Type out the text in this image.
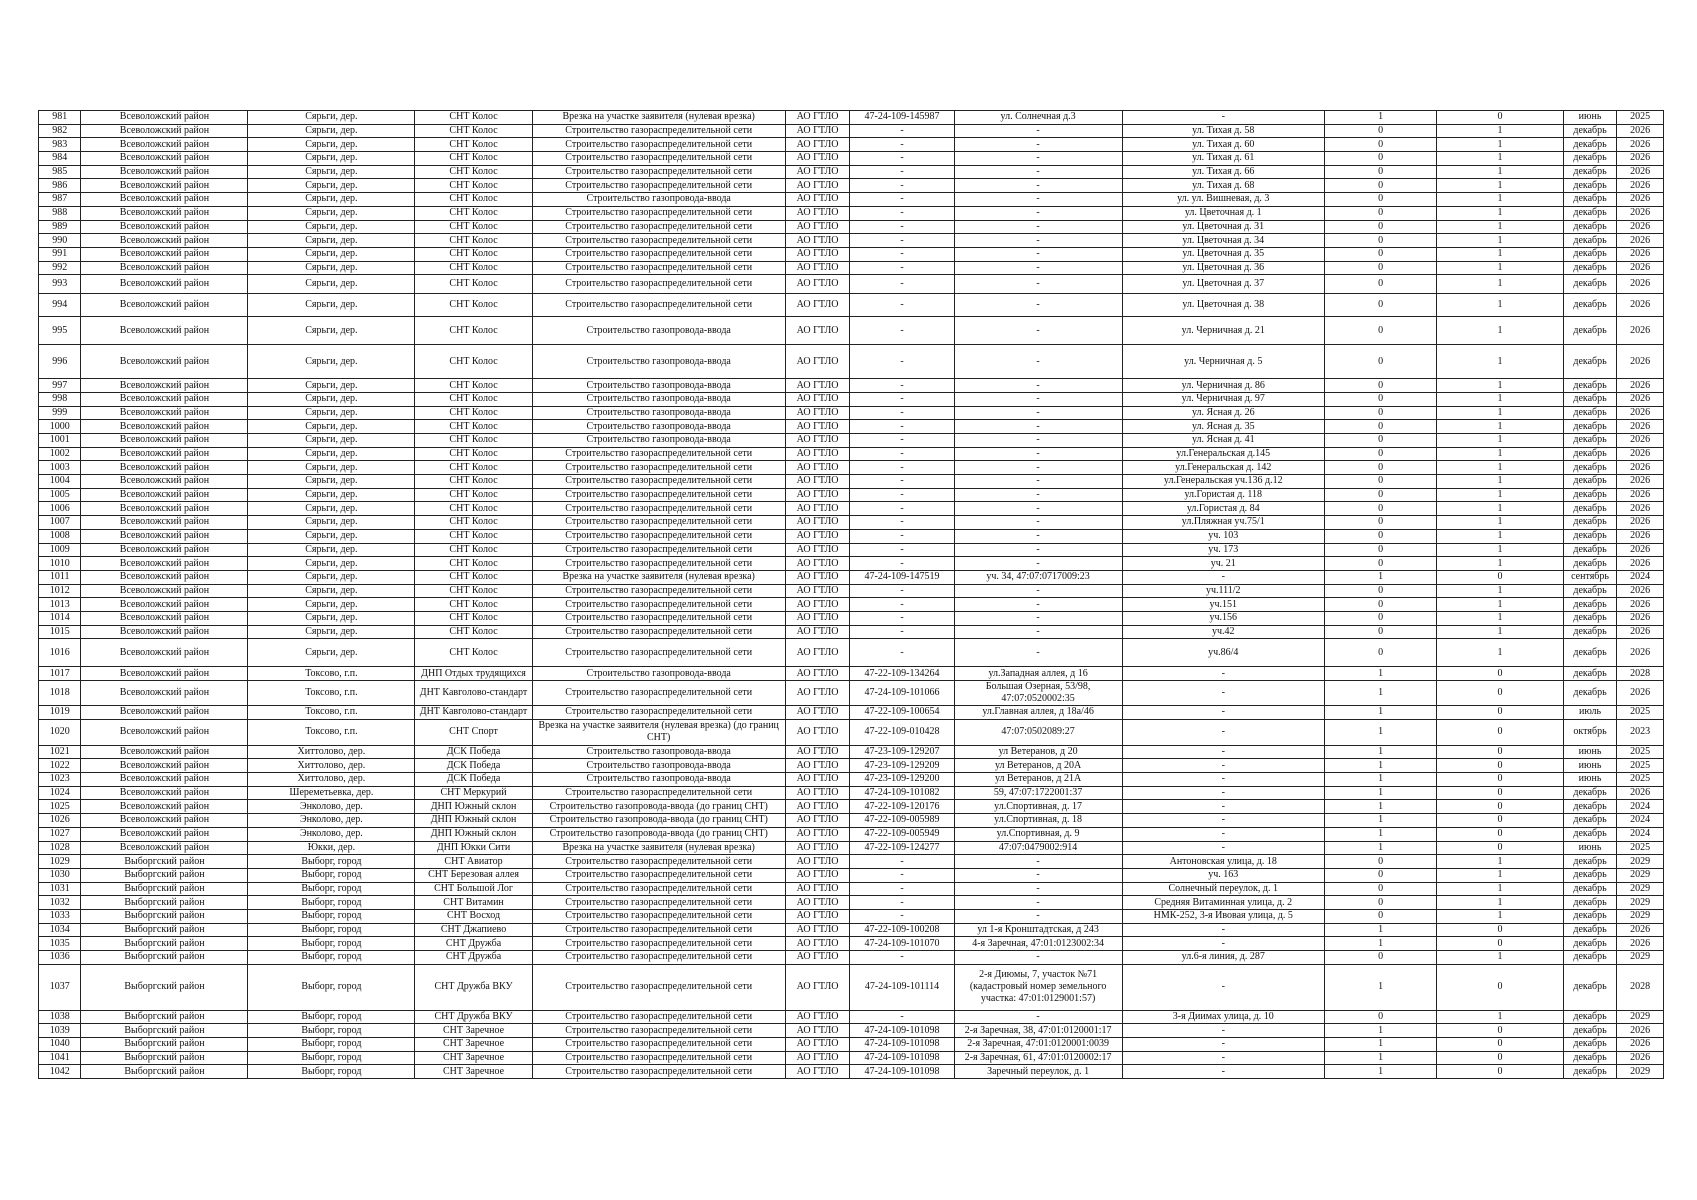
981	Всеволожский район	Сярьги, дер.	СНТ Колос	Врезка на участке заявителя (нулевая врезка)	АО ГТЛО	47-24-109-145987	ул. Солнечная д.3	-	1	0	июнь	2025
982	Всеволожский район	Сярьги, дер.	СНТ Колос	Строительство газораспределительной сети	АО ГТЛО	-	-	ул. Тихая д. 58	0	1	декабрь	2026
983	Всеволожский район	Сярьги, дер.	СНТ Колос	Строительство газораспределительной сети	АО ГТЛО	-	-	ул. Тихая д. 60	0	1	декабрь	2026
984	Всеволожский район	Сярьги, дер.	СНТ Колос	Строительство газораспределительной сети	АО ГТЛО	-	-	ул. Тихая д. 61	0	1	декабрь	2026
985	Всеволожский район	Сярьги, дер.	СНТ Колос	Строительство газораспределительной сети	АО ГТЛО	-	-	ул. Тихая д. 66	0	1	декабрь	2026
986	Всеволожский район	Сярьги, дер.	СНТ Колос	Строительство газораспределительной сети	АО ГТЛО	-	-	ул. Тихая д. 68	0	1	декабрь	2026
987	Всеволожский район	Сярьги, дер.	СНТ Колос	Строительство газопровода-ввода	АО ГТЛО	-	-	ул. ул. Вишневая, д. 3	0	1	декабрь	2026
988	Всеволожский район	Сярьги, дер.	СНТ Колос	Строительство газораспределительной сети	АО ГТЛО	-	-	ул. Цветочная д. 1	0	1	декабрь	2026
989	Всеволожский район	Сярьги, дер.	СНТ Колос	Строительство газораспределительной сети	АО ГТЛО	-	-	ул. Цветочная д. 31	0	1	декабрь	2026
990	Всеволожский район	Сярьги, дер.	СНТ Колос	Строительство газораспределительной сети	АО ГТЛО	-	-	ул. Цветочная д. 34	0	1	декабрь	2026
991	Всеволожский район	Сярьги, дер.	СНТ Колос	Строительство газораспределительной сети	АО ГТЛО	-	-	ул. Цветочная д. 35	0	1	декабрь	2026
992	Всеволожский район	Сярьги, дер.	СНТ Колос	Строительство газораспределительной сети	АО ГТЛО	-	-	ул. Цветочная д. 36	0	1	декабрь	2026
993	Всеволожский район	Сярьги, дер.	СНТ Колос	Строительство газораспределительной сети	АО ГТЛО	-	-	ул. Цветочная д. 37	0	1	декабрь	2026
994	Всеволожский район	Сярьги, дер.	СНТ Колос	Строительство газораспределительной сети	АО ГТЛО	-	-	ул. Цветочная д. 38	0	1	декабрь	2026
995	Всеволожский район	Сярьги, дер.	СНТ Колос	Строительство газопровода-ввода	АО ГТЛО	-	-	ул. Черничная д. 21	0	1	декабрь	2026
996	Всеволожский район	Сярьги, дер.	СНТ Колос	Строительство газопровода-ввода	АО ГТЛО	-	-	ул. Черничная д. 5	0	1	декабрь	2026
997	Всеволожский район	Сярьги, дер.	СНТ Колос	Строительство газопровода-ввода	АО ГТЛО	-	-	ул. Черничная д. 86	0	1	декабрь	2026
998	Всеволожский район	Сярьги, дер.	СНТ Колос	Строительство газопровода-ввода	АО ГТЛО	-	-	ул. Черничная д. 97	0	1	декабрь	2026
999	Всеволожский район	Сярьги, дер.	СНТ Колос	Строительство газопровода-ввода	АО ГТЛО	-	-	ул. Ясная д. 26	0	1	декабрь	2026
1000	Всеволожский район	Сярьги, дер.	СНТ Колос	Строительство газопровода-ввода	АО ГТЛО	-	-	ул. Ясная д. 35	0	1	декабрь	2026
1001	Всеволожский район	Сярьги, дер.	СНТ Колос	Строительство газопровода-ввода	АО ГТЛО	-	-	ул. Ясная д. 41	0	1	декабрь	2026
1002	Всеволожский район	Сярьги, дер.	СНТ Колос	Строительство газораспределительной сети	АО ГТЛО	-	-	ул.Генеральская д.145	0	1	декабрь	2026
1003	Всеволожский район	Сярьги, дер.	СНТ Колос	Строительство газораспределительной сети	АО ГТЛО	-	-	ул.Генеральская д. 142	0	1	декабрь	2026
1004	Всеволожский район	Сярьги, дер.	СНТ Колос	Строительство газораспределительной сети	АО ГТЛО	-	-	ул.Генеральская уч.136 д.12	0	1	декабрь	2026
1005	Всеволожский район	Сярьги, дер.	СНТ Колос	Строительство газораспределительной сети	АО ГТЛО	-	-	ул.Гористая д. 118	0	1	декабрь	2026
1006	Всеволожский район	Сярьги, дер.	СНТ Колос	Строительство газораспределительной сети	АО ГТЛО	-	-	ул.Гористая д. 84	0	1	декабрь	2026
1007	Всеволожский район	Сярьги, дер.	СНТ Колос	Строительство газораспределительной сети	АО ГТЛО	-	-	ул.Пляжная уч.75/1	0	1	декабрь	2026
1008	Всеволожский район	Сярьги, дер.	СНТ Колос	Строительство газораспределительной сети	АО ГТЛО	-	-	уч. 103	0	1	декабрь	2026
1009	Всеволожский район	Сярьги, дер.	СНТ Колос	Строительство газораспределительной сети	АО ГТЛО	-	-	уч. 173	0	1	декабрь	2026
1010	Всеволожский район	Сярьги, дер.	СНТ Колос	Строительство газораспределительной сети	АО ГТЛО	-	-	уч. 21	0	1	декабрь	2026
1011	Всеволожский район	Сярьги, дер.	СНТ Колос	Врезка на участке заявителя (нулевая врезка)	АО ГТЛО	47-24-109-147519	уч. 34, 47:07:0717009:23	-	1	0	сентябрь	2024
1012	Всеволожский район	Сярьги, дер.	СНТ Колос	Строительство газораспределительной сети	АО ГТЛО	-	-	уч.111/2	0	1	декабрь	2026
1013	Всеволожский район	Сярьги, дер.	СНТ Колос	Строительство газораспределительной сети	АО ГТЛО	-	-	уч.151	0	1	декабрь	2026
1014	Всеволожский район	Сярьги, дер.	СНТ Колос	Строительство газораспределительной сети	АО ГТЛО	-	-	уч.156	0	1	декабрь	2026
1015	Всеволожский район	Сярьги, дер.	СНТ Колос	Строительство газораспределительной сети	АО ГТЛО	-	-	уч.42	0	1	декабрь	2026
1016	Всеволожский район	Сярьги, дер.	СНТ Колос	Строительство газораспределительной сети	АО ГТЛО	-	-	уч.86/4	0	1	декабрь	2026
1017	Всеволожский район	Токсово, г.п.	ДНП Отдых трудящихся	Строительство газопровода-ввода	АО ГТЛО	47-22-109-134264	ул.Западная аллея, д 16	-	1	0	декабрь	2028
1018	Всеволожский район	Токсово, г.п.	ДНТ Кавголово-стандарт	Строительство газораспределительной сети	АО ГТЛО	47-24-109-101066	Большая Озерная, 53/98, 47:07:0520002:35	-	1	0	декабрь	2026
1019	Всеволожский район	Токсово, г.п.	ДНТ Кавголово-стандарт	Строительство газораспределительной сети	АО ГТЛО	47-22-109-100654	ул.Главная аллея, д 18а/46	-	1	0	июль	2025
1020	Всеволожский район	Токсово, г.п.	СНТ Спорт	Врезка на участке заявителя (нулевая врезка) (до границ СНТ)	АО ГТЛО	47-22-109-010428	47:07:0502089:27	-	1	0	октябрь	2023
1021	Всеволожский район	Хиттолово, дер.	ДСК Победа	Строительство газопровода-ввода	АО ГТЛО	47-23-109-129207	ул Ветеранов, д 20	-	1	0	июнь	2025
1022	Всеволожский район	Хиттолово, дер.	ДСК Победа	Строительство газопровода-ввода	АО ГТЛО	47-23-109-129209	ул Ветеранов, д 20А	-	1	0	июнь	2025
1023	Всеволожский район	Хиттолово, дер.	ДСК Победа	Строительство газопровода-ввода	АО ГТЛО	47-23-109-129200	ул Ветеранов, д 21А	-	1	0	июнь	2025
1024	Всеволожский район	Шереметьевка, дер.	СНТ Меркурий	Строительство газораспределительной сети	АО ГТЛО	47-24-109-101082	59, 47:07:1722001:37	-	1	0	декабрь	2026
1025	Всеволожский район	Энколово, дер.	ДНП Южный склон	Строительство газопровода-ввода (до границ СНТ)	АО ГТЛО	47-22-109-120176	ул.Спортивная, д. 17	-	1	0	декабрь	2024
1026	Всеволожский район	Энколово, дер.	ДНП Южный склон	Строительство газопровода-ввода (до границ СНТ)	АО ГТЛО	47-22-109-005989	ул.Спортивная, д. 18	-	1	0	декабрь	2024
1027	Всеволожский район	Энколово, дер.	ДНП Южный склон	Строительство газопровода-ввода (до границ СНТ)	АО ГТЛО	47-22-109-005949	ул.Спортивная, д. 9	-	1	0	декабрь	2024
1028	Всеволожский район	Юкки, дер.	ДНП Юкки Сити	Врезка на участке заявителя (нулевая врезка)	АО ГТЛО	47-22-109-124277	47:07:0479002:914	-	1	0	июнь	2025
1029	Выборгский район	Выборг, город	СНТ Авиатор	Строительство газораспределительной сети	АО ГТЛО	-	-	Антоновская улица, д. 18	0	1	декабрь	2029
1030	Выборгский район	Выборг, город	СНТ Березовая аллея	Строительство газораспределительной сети	АО ГТЛО	-	-	уч. 163	0	1	декабрь	2029
1031	Выборгский район	Выборг, город	СНТ Большой Лог	Строительство газораспределительной сети	АО ГТЛО	-	-	Солнечный переулок, д. 1	0	1	декабрь	2029
1032	Выборгский район	Выборг, город	СНТ Витамин	Строительство газораспределительной сети	АО ГТЛО	-	-	Средняя Витаминная улица, д. 2	0	1	декабрь	2029
1033	Выборгский район	Выборг, город	СНТ Восход	Строительство газораспределительной сети	АО ГТЛО	-	-	НМК-252, 3-я Ивовая улица, д. 5	0	1	декабрь	2029
1034	Выборгский район	Выборг, город	СНТ Джапиево	Строительство газораспределительной сети	АО ГТЛО	47-22-109-100208	ул 1-я Кронштадтская, д 243	-	1	0	декабрь	2026
1035	Выборгский район	Выборг, город	СНТ Дружба	Строительство газораспределительной сети	АО ГТЛО	47-24-109-101070	4-я Заречная, 47:01:0123002:34	-	1	0	декабрь	2026
1036	Выборгский район	Выборг, город	СНТ Дружба	Строительство газораспределительной сети	АО ГТЛО	-	-	ул.6-я линия, д. 287	0	1	декабрь	2029
1037	Выборгский район	Выборг, город	СНТ Дружба ВКУ	Строительство газораспределительной сети	АО ГТЛО	47-24-109-101114	2-я Диюмы, 7, участок №71 (кадастровый номер земельного участка: 47:01:0129001:57)	-	1	0	декабрь	2028
1038	Выборгский район	Выборг, город	СНТ Дружба ВКУ	Строительство газораспределительной сети	АО ГТЛО	-	-	3-я Диимах улица, д. 10	0	1	декабрь	2029
1039	Выборгский район	Выборг, город	СНТ Заречное	Строительство газораспределительной сети	АО ГТЛО	47-24-109-101098	2-я Заречная, 38, 47:01:0120001:17	-	1	0	декабрь	2026
1040	Выборгский район	Выборг, город	СНТ Заречное	Строительство газораспределительной сети	АО ГТЛО	47-24-109-101098	2-я Заречная, 47:01:0120001:0039	-	1	0	декабрь	2026
1041	Выборгский район	Выборг, город	СНТ Заречное	Строительство газораспределительной сети	АО ГТЛО	47-24-109-101098	2-я Заречная, 61, 47:01:0120002:17	-	1	0	декабрь	2026
1042	Выборгский район	Выборг, город	СНТ Заречное	Строительство газораспределительной сети	АО ГТЛО	47-24-109-101098	Заречный переулок, д. 1	-	1	0	декабрь	2029
